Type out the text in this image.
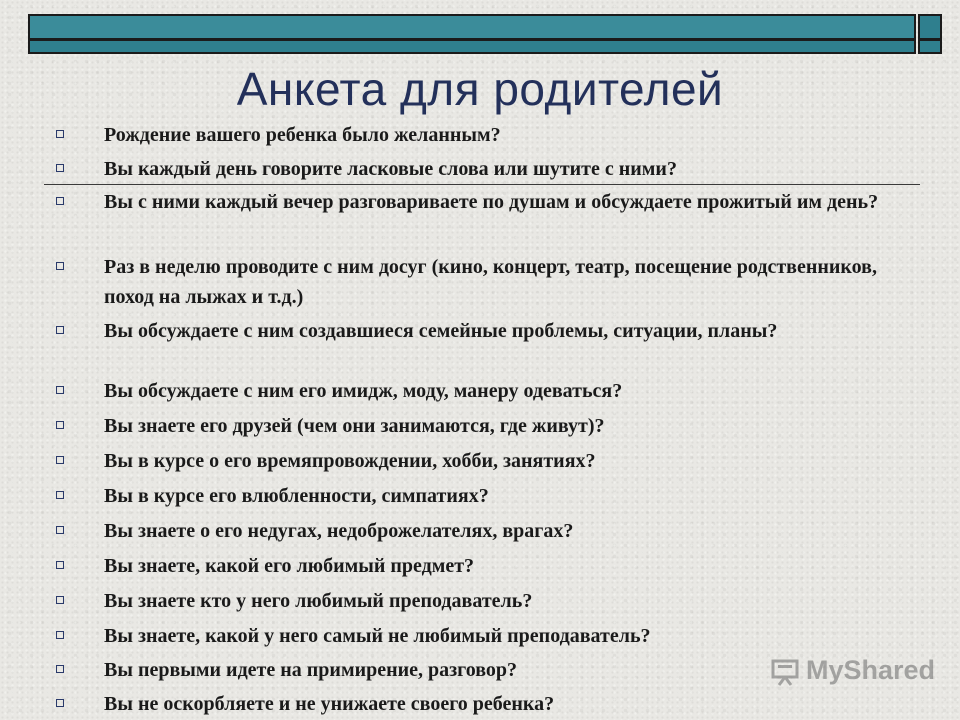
Анкета для родителей
Рождение вашего ребенка было желанным?
Вы каждый день говорите ласковые слова или шутите с ними?
Вы с ними каждый вечер разговариваете по душам и обсуждаете прожитый им день?
Раз в неделю проводите с ним досуг (кино, концерт, театр, посещение родственников, поход на лыжах и т.д.)
Вы обсуждаете с ним создавшиеся семейные проблемы, ситуации, планы?
Вы обсуждаете с ним его имидж, моду, манеру одеваться?
Вы знаете его друзей (чем они занимаются, где живут)?
Вы в курсе о его времяпровождении, хобби, занятиях?
Вы в курсе его влюбленности, симпатиях?
Вы знаете о его недугах, недоброжелателях, врагах?
Вы знаете, какой его любимый предмет?
Вы знаете кто у него любимый преподаватель?
Вы знаете, какой у него самый не любимый преподаватель?
Вы первыми идете на примирение, разговор?
Вы не оскорбляете и не унижаете своего ребенка?
MyShared
